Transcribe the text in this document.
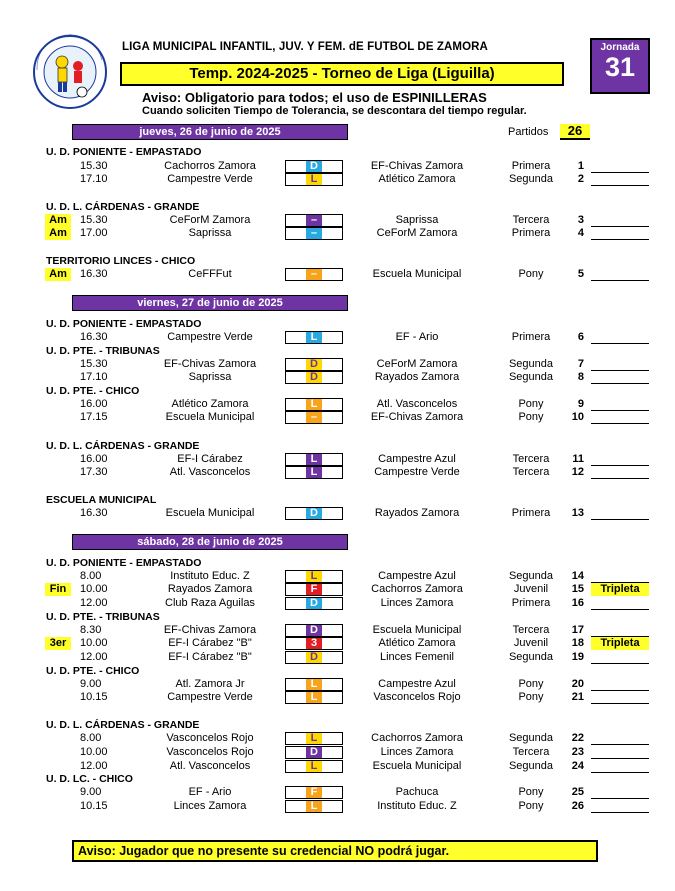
LIGA MUNICIPAL INFANTIL, JUV. Y FEM. dE FUTBOL DE ZAMORA
Temp. 2024-2025 - Torneo de Liga (Liguilla)
Jornada
31
Aviso: Obligatorio para todos; el uso de ESPINILLERAS
Cuando soliciten Tiempo de Tolerancia, se descontara del tiempo regular.
Partidos	26
jueves, 26 de junio de 2025
viernes, 27 de junio de 2025
sábado, 28 de junio de 2025
U. D. PONIENTE - EMPASTADO
U. D. L. CÁRDENAS - GRANDE
TERRITORIO LINCES - CHICO
U. D. PONIENTE - EMPASTADO
U. D. PTE. - TRIBUNAS
U. D. PTE. - CHICO
U. D. L. CÁRDENAS - GRANDE
ESCUELA MUNICIPAL
U. D. PONIENTE - EMPASTADO
U. D. PTE. - TRIBUNAS
U. D. PTE. - CHICO
U. D. L. CÁRDENAS - GRANDE
U. D. LC. - CHICO
15.30	Cachorros Zamora	D	EF-Chivas Zamora	Primera	1
17.10	Campestre Verde	L	Atlético Zamora	Segunda	2
Am	15.30	CeForM Zamora	–	Saprissa	Tercera	3
Am	17.00	Saprissa	–	CeForM Zamora	Primera	4
Am	16.30	CeFFFut	–	Escuela Municipal	Pony	5
16.30	Campestre Verde	L	EF - Ario	Primera	6
15.30	EF-Chivas Zamora	D	CeForM Zamora	Segunda	7
17.10	Saprissa	D	Rayados Zamora	Segunda	8
16.00	Atlético Zamora	L	Atl. Vasconcelos	Pony	9
17.15	Escuela Municipal	–	EF-Chivas Zamora	Pony	10
16.00	EF-I Cárabez	L	Campestre Azul	Tercera	11
17.30	Atl. Vasconcelos	L	Campestre Verde	Tercera	12
16.30	Escuela Municipal	D	Rayados Zamora	Primera	13
8.00	Instituto Educ. Z	L	Campestre Azul	Segunda	14
Fin	10.00	Rayados Zamora	F	Cachorros Zamora	Juvenil	15	Tripleta
12.00	Club Raza Aguilas	D	Linces Zamora	Primera	16
8.30	EF-Chivas Zamora	D	Escuela Municipal	Tercera	17
3er	10.00	EF-I Cárabez "B"	3	Atlético Zamora	Juvenil	18	Tripleta
12.00	EF-I Cárabez "B"	D	Linces Femenil	Segunda	19
9.00	Atl. Zamora Jr	L	Campestre Azul	Pony	20
10.15	Campestre Verde	L	Vasconcelos Rojo	Pony	21
8.00	Vasconcelos Rojo	L	Cachorros Zamora	Segunda	22
10.00	Vasconcelos Rojo	D	Linces Zamora	Tercera	23
12.00	Atl. Vasconcelos	L	Escuela Municipal	Segunda	24
9.00	EF - Ario	F	Pachuca	Pony	25
10.15	Linces Zamora	L	Instituto Educ. Z	Pony	26
Aviso: Jugador que no presente su credencial NO podrá jugar.
